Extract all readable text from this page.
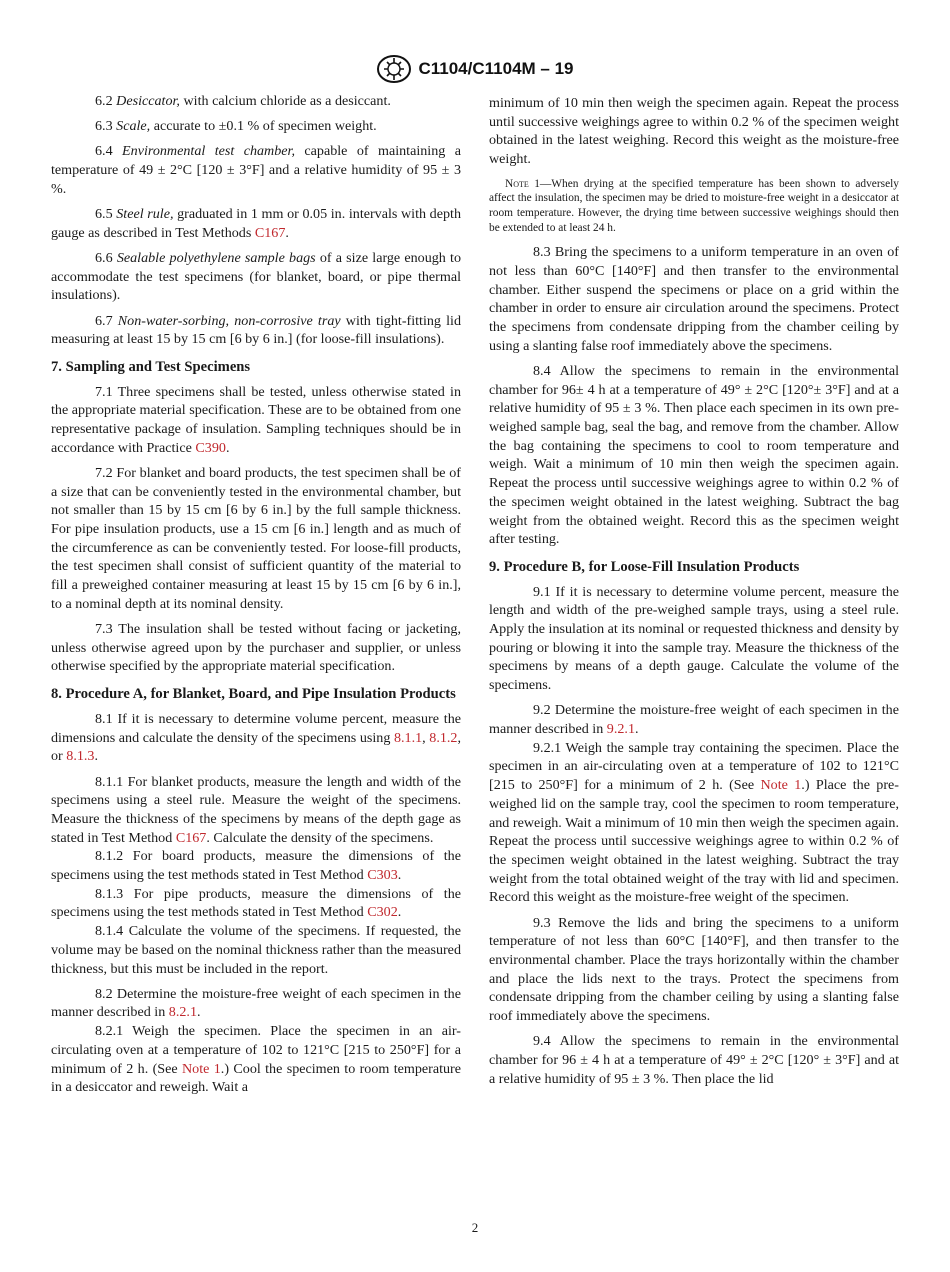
C1104/C1104M – 19

6.2 Desiccator, with calcium chloride as a desiccant.

6.3 Scale, accurate to ±0.1 % of specimen weight.

6.4 Environmental test chamber, capable of maintaining a temperature of 49 ± 2°C [120 ± 3°F] and a relative humidity of 95 ± 3 %.

6.5 Steel rule, graduated in 1 mm or 0.05 in. intervals with depth gauge as described in Test Methods C167.

6.6 Sealable polyethylene sample bags of a size large enough to accommodate the test specimens (for blanket, board, or pipe thermal insulations).

6.7 Non-water-sorbing, non-corrosive tray with tight-fitting lid measuring at least 15 by 15 cm [6 by 6 in.] (for loose-fill insulations).

7. Sampling and Test Specimens

7.1 Three specimens shall be tested, unless otherwise stated in the appropriate material specification. These are to be obtained from one representative package of insulation. Sampling techniques should be in accordance with Practice C390.

7.2 For blanket and board products, the test specimen shall be of a size that can be conveniently tested in the environmental chamber, but not smaller than 15 by 15 cm [6 by 6 in.] by the full sample thickness. For pipe insulation products, use a 15 cm [6 in.] length and as much of the circumference as can be conveniently tested. For loose-fill products, the test specimen shall consist of sufficient quantity of the material to fill a preweighed container measuring at least 15 by 15 cm [6 by 6 in.], to a nominal depth at its nominal density.

7.3 The insulation shall be tested without facing or jacketing, unless otherwise agreed upon by the purchaser and supplier, or unless otherwise specified by the appropriate material specification.

8. Procedure A, for Blanket, Board, and Pipe Insulation Products

8.1 If it is necessary to determine volume percent, measure the dimensions and calculate the density of the specimens using 8.1.1, 8.1.2, or 8.1.3.

8.1.1 For blanket products, measure the length and width of the specimens using a steel rule. Measure the weight of the specimens. Measure the thickness of the specimens by means of the depth gage as stated in Test Method C167. Calculate the density of the specimens.

8.1.2 For board products, measure the dimensions of the specimens using the test methods stated in Test Method C303.

8.1.3 For pipe products, measure the dimensions of the specimens using the test methods stated in Test Method C302.

8.1.4 Calculate the volume of the specimens. If requested, the volume may be based on the nominal thickness rather than the measured thickness, but this must be included in the report.

8.2 Determine the moisture-free weight of each specimen in the manner described in 8.2.1.

8.2.1 Weigh the specimen. Place the specimen in an air-circulating oven at a temperature of 102 to 121°C [215 to 250°F] for a minimum of 2 h. (See Note 1.) Cool the specimen to room temperature in a desiccator and reweigh. Wait a

minimum of 10 min then weigh the specimen again. Repeat the process until successive weighings agree to within 0.2 % of the specimen weight obtained in the latest weighing. Record this weight as the moisture-free weight.

Note 1—When drying at the specified temperature has been shown to adversely affect the insulation, the specimen may be dried to moisture-free weight in a desiccator at room temperature. However, the drying time between successive weighings should then be extended to at least 24 h.

8.3 Bring the specimens to a uniform temperature in an oven of not less than 60°C [140°F] and then transfer to the environmental chamber. Either suspend the specimens or place on a grid within the chamber in order to ensure air circulation around the specimens. Protect the specimens from condensate dripping from the chamber ceiling by using a slanting false roof immediately above the specimens.

8.4 Allow the specimens to remain in the environmental chamber for 96± 4 h at a temperature of 49° ± 2°C [120°± 3°F] and at a relative humidity of 95 ± 3 %. Then place each specimen in its own pre-weighed sample bag, seal the bag, and remove from the chamber. Allow the bag containing the specimens to cool to room temperature and weigh. Wait a minimum of 10 min then weigh the specimen again. Repeat the process until successive weighings agree to within 0.2 % of the specimen weight obtained in the latest weighing. Subtract the bag weight from the obtained weight. Record this as the specimen weight after testing.

9. Procedure B, for Loose-Fill Insulation Products

9.1 If it is necessary to determine volume percent, measure the length and width of the pre-weighed sample trays, using a steel rule. Apply the insulation at its nominal or requested thickness and density by pouring or blowing it into the sample tray. Measure the thickness of the specimens by means of a depth gauge. Calculate the volume of the specimens.

9.2 Determine the moisture-free weight of each specimen in the manner described in 9.2.1.

9.2.1 Weigh the sample tray containing the specimen. Place the specimen in an air-circulating oven at a temperature of 102 to 121°C [215 to 250°F] for a minimum of 2 h. (See Note 1.) Place the pre-weighed lid on the sample tray, cool the specimen to room temperature, and reweigh. Wait a minimum of 10 min then weigh the specimen again. Repeat the process until successive weighings agree to within 0.2 % of the specimen weight obtained in the latest weighing. Subtract the tray weight from the total obtained weight of the tray with lid and specimen. Record this weight as the moisture-free weight of the specimen.

9.3 Remove the lids and bring the specimens to a uniform temperature of not less than 60°C [140°F], and then transfer to the environmental chamber. Place the trays horizontally within the chamber and place the lids next to the trays. Protect the specimens from condensate dripping from the chamber ceiling by using a slanting false roof immediately above the specimens.

9.4 Allow the specimens to remain in the environmental chamber for 96 ± 4 h at a temperature of 49° ± 2°C [120° ± 3°F] and at a relative humidity of 95 ± 3 %. Then place the lid

2
